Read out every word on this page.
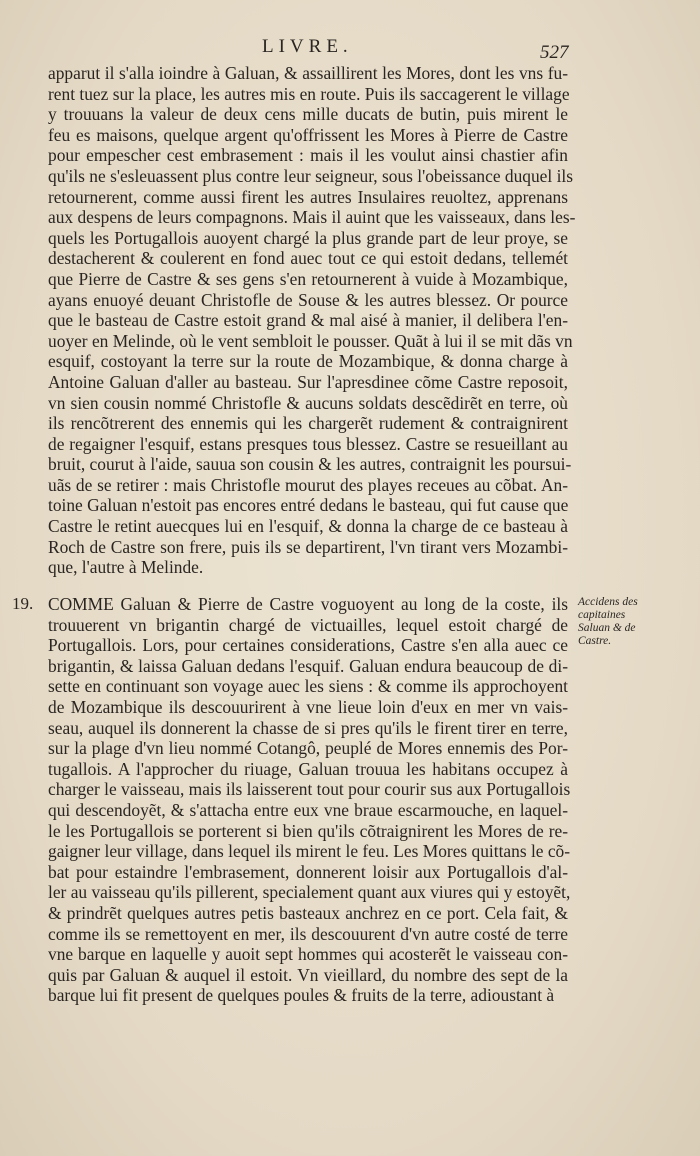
LIVRE.	527
apparut il s'alla ioindre à Galuan, & assaillirent les Mores, dont les vns fu-
rent tuez sur la place, les autres mis en route. Puis ils saccagerent le village
y trouuans la valeur de deux cens mille ducats de butin, puis mirent le
feu es maisons, quelque argent qu'offrissent les Mores à Pierre de Castre
pour empescher cest embrasement : mais il les voulut ainsi chastier afin
qu'ils ne s'esleuassent plus contre leur seigneur, sous l'obeissance duquel ils
retournerent, comme aussi firent les autres Insulaires reuoltez, apprenans
aux despens de leurs compagnons. Mais il auint que les vaisseaux, dans les-
quels les Portugallois auoyent chargé la plus grande part de leur proye, se
destacherent & coulerent en fond auec tout ce qui estoit dedans, tellemét
que Pierre de Castre & ses gens s'en retournerent à vuide à Mozambique,
ayans enuoyé deuant Christofle de Souse & les autres blessez. Or pource
que le basteau de Castre estoit grand & mal aisé à manier, il delibera l'en-
uoyer en Melinde, où le vent sembloit le pousser. Quãt à lui il se mit dãs vn
esquif, costoyant la terre sur la route de Mozambique, & donna charge à
Antoine Galuan d'aller au basteau. Sur l'apresdinee cõme Castre reposoit,
vn sien cousin nommé Christofle & aucuns soldats descẽdirẽt en terre, où
ils rencõtrerent des ennemis qui les chargerẽt rudement & contraignirent
de regaigner l'esquif, estans presques tous blessez. Castre se resueillant au
bruit, courut à l'aide, sauua son cousin & les autres, contraignit les poursui-
uãs de se retirer : mais Christofle mourut des playes receues au cõbat. An-
toine Galuan n'estoit pas encores entré dedans le basteau, qui fut cause que
Castre le retint auecques lui en l'esquif, & donna la charge de ce basteau à
Roch de Castre son frere, puis ils se departirent, l'vn tirant vers Mozambi-
que, l'autre à Melinde.
19. COMME Galuan & Pierre de Castre voguoyent au long de la coste, ils
trouuerent vn brigantin chargé de victuailles, lequel estoit chargé de
Portugallois. Lors, pour certaines considerations, Castre s'en alla auec ce
brigantin, & laissa Galuan dedans l'esquif. Galuan endura beaucoup de di-
sette en continuant son voyage auec les siens : & comme ils approchoyent
de Mozambique ils descouurirent à vne lieue loin d'eux en mer vn vais-
seau, auquel ils donnerent la chasse de si pres qu'ils le firent tirer en terre,
sur la plage d'vn lieu nommé Cotangô, peuplé de Mores ennemis des Por-
tugallois. A l'approcher du riuage, Galuan trouua les habitans occupez à
charger le vaisseau, mais ils laisserent tout pour courir sus aux Portugallois
qui descendoyẽt, & s'attacha entre eux vne braue escarmouche, en laquel-
le les Portugallois se porterent si bien qu'ils cõtraignirent les Mores de re-
gaigner leur village, dans lequel ils mirent le feu. Les Mores quittans le cõ-
bat pour estaindre l'embrasement, donnerent loisir aux Portugallois d'al-
ler au vaisseau qu'ils pillerent, specialement quant aux viures qui y estoyẽt,
& prindrẽt quelques autres petis basteaux anchrez en ce port. Cela fait, &
comme ils se remettoyent en mer, ils descouurent d'vn autre costé de terre
vne barque en laquelle y auoit sept hommes qui acosterẽt le vaisseau con-
quis par Galuan & auquel il estoit. Vn vieillard, du nombre des sept de la
barque lui fit present de quelques poules & fruits de la terre, adioustant à
Accidens des
capitaines
Saluan & de
Castre.
